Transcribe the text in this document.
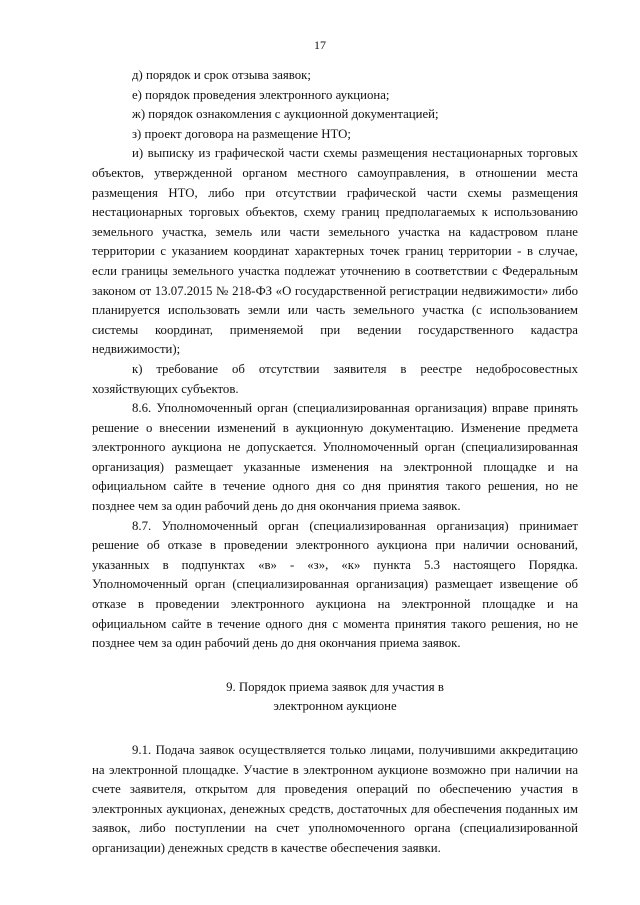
17

д) порядок и срок отзыва заявок;

е) порядок проведения электронного аукциона;

ж) порядок ознакомления с аукционной документацией;

з) проект договора на размещение НТО;

и) выписку из графической части схемы размещения нестационарных торговых объектов, утвержденной органом местного самоуправления, в отношении места размещения НТО, либо при отсутствии графической части схемы размещения нестационарных торговых объектов, схему границ предполагаемых к использованию земельного участка, земель или части земельного участка на кадастровом плане территории с указанием координат характерных точек границ территории - в случае, если границы земельного участка подлежат уточнению в соответствии с Федеральным законом от 13.07.2015 № 218-ФЗ «О государственной регистрации недвижимости» либо планируется использовать земли или часть земельного участка (с использованием системы координат, применяемой при ведении государственного кадастра недвижимости);

к) требование об отсутствии заявителя в реестре недобросовестных хозяйствующих субъектов.

8.6. Уполномоченный орган (специализированная организация) вправе принять решение о внесении изменений в аукционную документацию. Изменение предмета электронного аукциона не допускается. Уполномоченный орган (специализированная организация) размещает указанные изменения на электронной площадке и на официальном сайте в течение одного дня со дня принятия такого решения, но не позднее чем за один рабочий день до дня окончания приема заявок.

8.7. Уполномоченный орган (специализированная организация) принимает решение об отказе в проведении электронного аукциона при наличии оснований, указанных в подпунктах «в» - «з», «к» пункта 5.3 настоящего Порядка. Уполномоченный орган (специализированная организация) размещает извещение об отказе в проведении электронного аукциона на электронной площадке и на официальном сайте в течение одного дня с момента принятия такого решения, но не позднее чем за один рабочий день до дня окончания приема заявок.

9. Порядок приема заявок для участия в
электронном аукционе

9.1. Подача заявок осуществляется только лицами, получившими аккредитацию на электронной площадке. Участие в электронном аукционе возможно при наличии на счете заявителя, открытом для проведения операций по обеспечению участия в электронных аукционах, денежных средств, достаточных для обеспечения поданных им заявок, либо поступлении на счет уполномоченного органа (специализированной организации) денежных средств в качестве обеспечения заявки.
